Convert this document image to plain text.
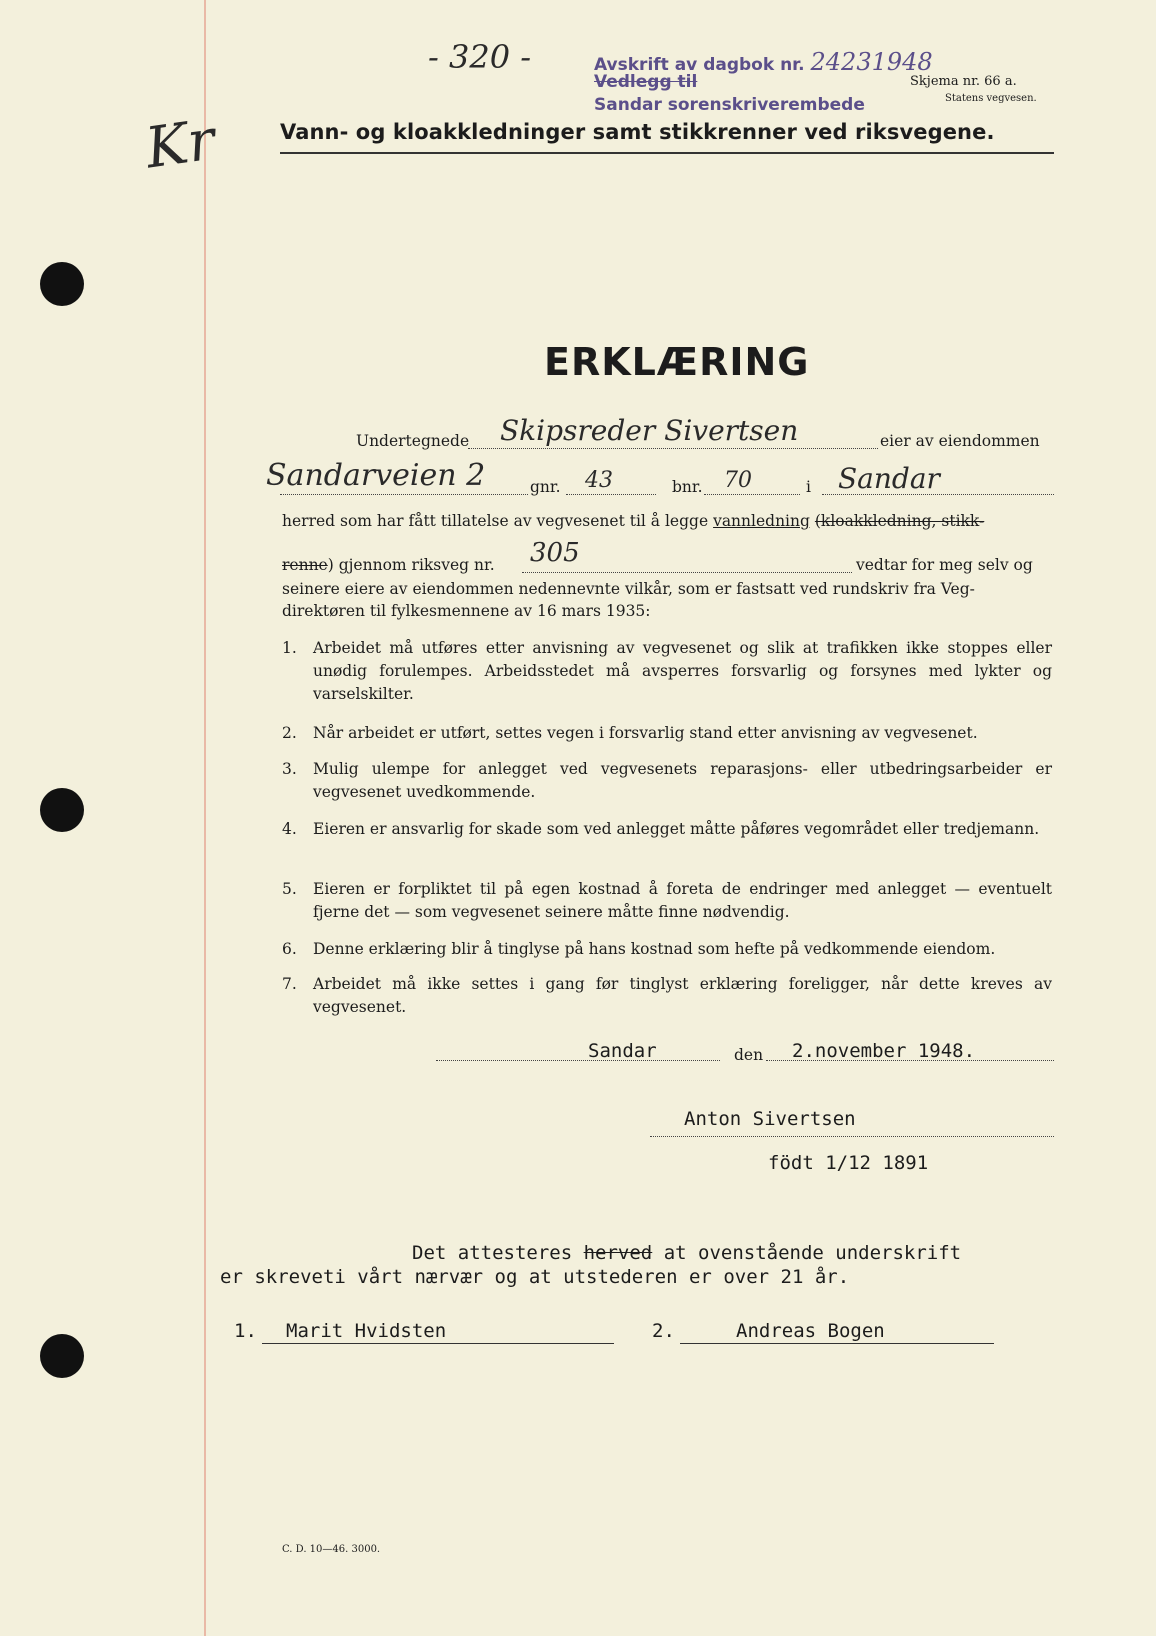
Kr
- 320 -	Avskrift av dagbok nr. 24231948
Vedlegg til
Sandar sorenskriverembede
Skjema nr. 66 a.
Statens vegvesen.
Vann- og kloakkledninger samt stikkrenner ved riksvegene.
ERKLÆRING
Undertegnede Skipsreder Sivertsen	eier av eiendommen
Sandarveien 2	gnr. 43	bnr. 70	i Sandar
herred som har fått tillatelse av vegvesenet til å legge vannledning (kloakkledning, stikk-
renne) gjennom riksveg nr. 305	vedtar for meg selv og
seinere eiere av eiendommen nedennevnte vilkår, som er fastsatt ved rundskriv fra Veg-
direktøren til fylkesmennene av 16 mars 1935:
1. Arbeidet må utføres etter anvisning av vegvesenet og slik at trafikken ikke stoppes eller unødig forulempes. Arbeidsstedet må avsperres forsvarlig og forsynes med lykter og varselskilter.
2. Når arbeidet er utført, settes vegen i forsvarlig stand etter anvisning av vegvesenet.
3. Mulig ulempe for anlegget ved vegvesenets reparasjons- eller utbedringsarbeider er vegvesenet uvedkommende.
4. Eieren er ansvarlig for skade som ved anlegget måtte påføres vegområdet eller tredjemann.
5. Eieren er forpliktet til på egen kostnad å foreta de endringer med anlegget — eventuelt fjerne det — som vegvesenet seinere måtte finne nødvendig.
6. Denne erklæring blir å tinglyse på hans kostnad som hefte på vedkommende eiendom.
7. Arbeidet må ikke settes i gang før tinglyst erklæring foreligger, når dette kreves av vegvesenet.
Sandar	den 2.november 1948.
Anton Sivertsen
födt 1/12 1891
Det attesteres herved at ovenstående underskrift
er skreveti vårt nærvær og at utstederen er over 21 år.
1. Marit Hvidsten	2.	Andreas Bogen
C. D. 10—46. 3000.
